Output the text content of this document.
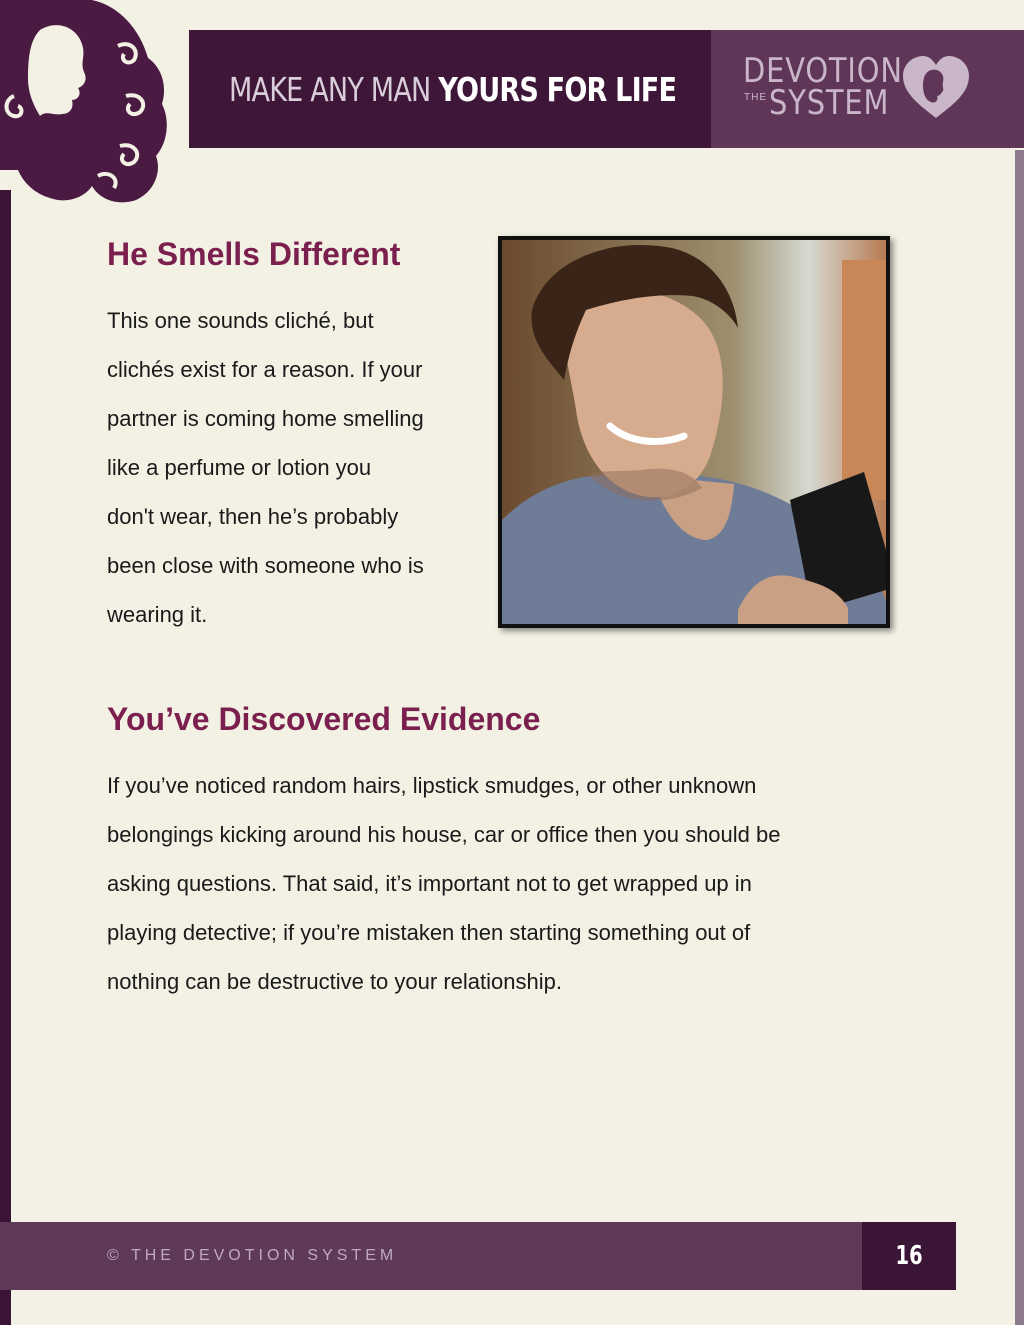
MAKE ANY MAN YOURS FOR LIFE DEVOTION
THE SYSTEM
He Smells Different

This one sounds cliché, but
clichés exist for a reason. If your
partner is coming home smelling
like a perfume or lotion you
don't wear, then he’s probably
been close with someone who is
wearing it.

You’ve Discovered Evidence

If you’ve noticed random hairs, lipstick smudges, or other unknown
belongings kicking around his house, car or office then you should be
asking questions. That said, it’s important not to get wrapped up in
playing detective; if you’re mistaken then starting something out of
nothing can be destructive to your relationship.

© THE DEVOTION SYSTEM	16
